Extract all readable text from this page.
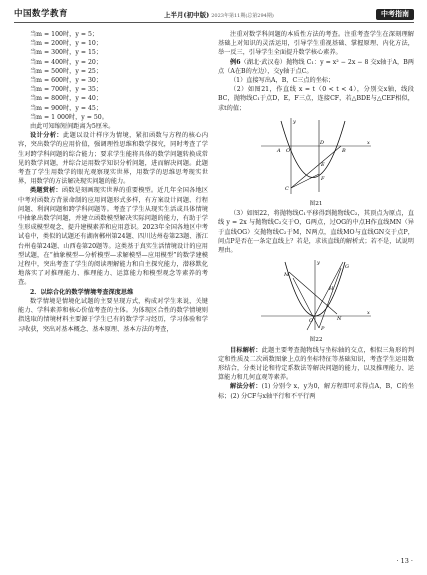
中国数学教育	上半月(初中版) 2023年第11期(总第294期)	中考指南
当m = 100时，y = 5；
当m = 200时，y = 10；
当m = 300时，y = 15；
当m = 400时，y = 20；
当m = 500时，y = 25；
当m = 600时，y = 30；
当m = 700时，y = 35；
当m = 800时，y = 40；
当m = 900时，y = 45；
当m = 1 000时，y = 50。

由此可知缩短间距离为5厘米。

设计分析：此题以设计样序为情境，紧扣函数与方程的核心内容，突出数学的应用价值，强调理性思维和数学探究，同时考查了学生对跨学科问题的综合能力；要求学生能将具体的数学问题转换成常见的数学问题，并综合运用数学知识分析问题，进而解决问题。此题考查了学生用数学的眼光观察现实世界，用数学的思维思考现实世界，用数学的方法解决现实问题的能力。

类题赏析：函数是刻画现实世界的重要模型。近几年全国各地区中考对函数方背景命制的应用问题形式多样，有方案设计问题、行程问题、利润问题和跨学科问题等。考查了学生从现实生活或具体情境中抽象出数学问题，并建立函数模型解决实际问题的能力，有助于学生形成模型观念、提升建模素养和应用意识。2023年全国各地区中考试卷中，类似的试题还有湖南郴州第24题、四川达州卷第23题、浙江台州卷第24题、山西卷第20题等。这类基于真实生活情境设计的应用型试题，在“抽象模型—分析模型—求解模型—应用模型”的数学建模过程中，突出考查了学生的阅读理解能力和自主探究能力，潜移默化地落实了对推理能力、推理能力、运算能力和模型观念等素养的考查。

2．以综合化的数学情境考查深度思维

数学情境是情境化试题的主要呈现方式，构成对学生来说，关键能力、学科素养和核心价值考查的主体。为体现区合性的数学情境则指选取的情境材料主要源于学生已有的数学学习经历，学习体验和学习收获，突出对基本概念、基本原理、基本方法的考查，

注重对数学科问题的本质性方法的考查。注重考查学生在深刻理解基础上对知识的灵活运用，引导学生重视基础、掌握原理、内化方法，举一反三，引导学生全面提升数学核心素养。

例6（湖北·武汉卷）抛物线 C₁：y = x² − 2x − 8 交x轴于A，B两点（A在B的左边），交y轴于点C。

（1）直接写出A，B，C三点的坐标；

（2）如图21，作直线 x = t（0 < t < 4），分别交x轴，线段BC，抛物线C₁于点D，E，F三点，连接CF，若△BDE与△CEF相似，求t的值；

y
x
O
A	B
C
D
E
F
图21

（3）如图22，将抛物线C₁平移得到抛物线C₂，其顶点为原点，直线 y = 2x 与抛物线C₂交于O，G两点，过OG的中点H作直线MN（异于直线OG）交抛物线C₂于M，N两点，直线MO与直线GN交于点P，问点P是否在一条定直线上？若是，求该直线的解析式；若不是，试说明理由。

y
x
O
M
N
G
H
P
图22

目标解析：此题主要考查抛物线与坐标轴的交点，相似三角形的判定和性质及二次函数图象上点的坐标特征等基础知识，考查学生运用数形结合，分类讨论和待定系数法等解决问题的能力，以及推理能力、运算能力和几何直观等素养。

解法分析：(1) 分别令 x，y为0，解方程即可求得点A，B，C的坐标；(2) 分CF与x轴平行和不平行两

· 13 ·
